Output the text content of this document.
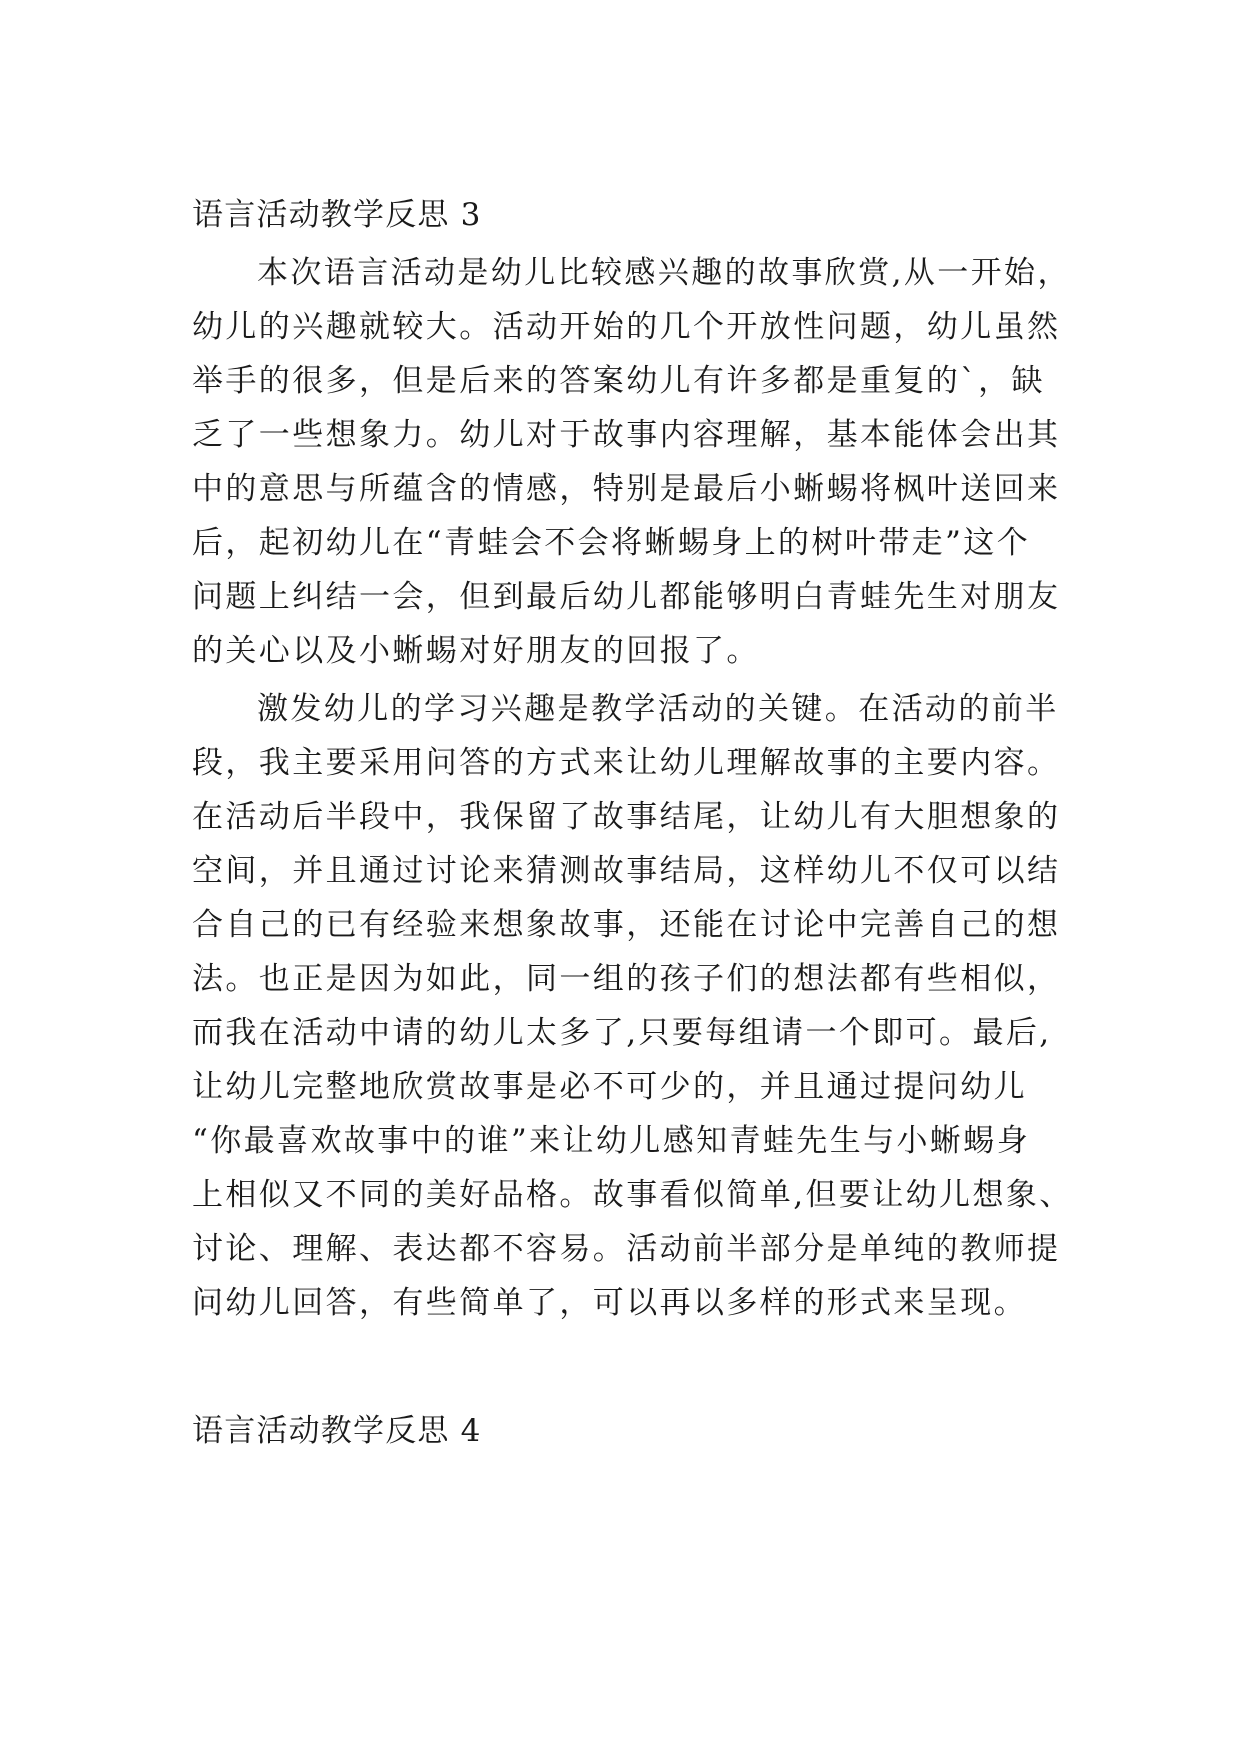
语言活动教学反思 3
本次语言活动是幼儿比较感兴趣的故事欣赏,从一开始，
幼儿的兴趣就较大。活动开始的几个开放性问题，幼儿虽然
举手的很多，但是后来的答案幼儿有许多都是重复的`，缺
乏了一些想象力。幼儿对于故事内容理解，基本能体会出其
中的意思与所蕴含的情感，特别是最后小蜥蜴将枫叶送回来
后，起初幼儿在“青蛙会不会将蜥蜴身上的树叶带走”这个
问题上纠结一会，但到最后幼儿都能够明白青蛙先生对朋友
的关心以及小蜥蜴对好朋友的回报了。
激发幼儿的学习兴趣是教学活动的关键。在活动的前半
段，我主要采用问答的方式来让幼儿理解故事的主要内容。
在活动后半段中，我保留了故事结尾，让幼儿有大胆想象的
空间，并且通过讨论来猜测故事结局，这样幼儿不仅可以结
合自己的已有经验来想象故事，还能在讨论中完善自己的想
法。也正是因为如此，同一组的孩子们的想法都有些相似，
而我在活动中请的幼儿太多了,只要每组请一个即可。最后,
让幼儿完整地欣赏故事是必不可少的，并且通过提问幼儿
“你最喜欢故事中的谁”来让幼儿感知青蛙先生与小蜥蜴身
上相似又不同的美好品格。故事看似简单,但要让幼儿想象、
讨论、理解、表达都不容易。活动前半部分是单纯的教师提
问幼儿回答，有些简单了，可以再以多样的形式来呈现。
语言活动教学反思 4
